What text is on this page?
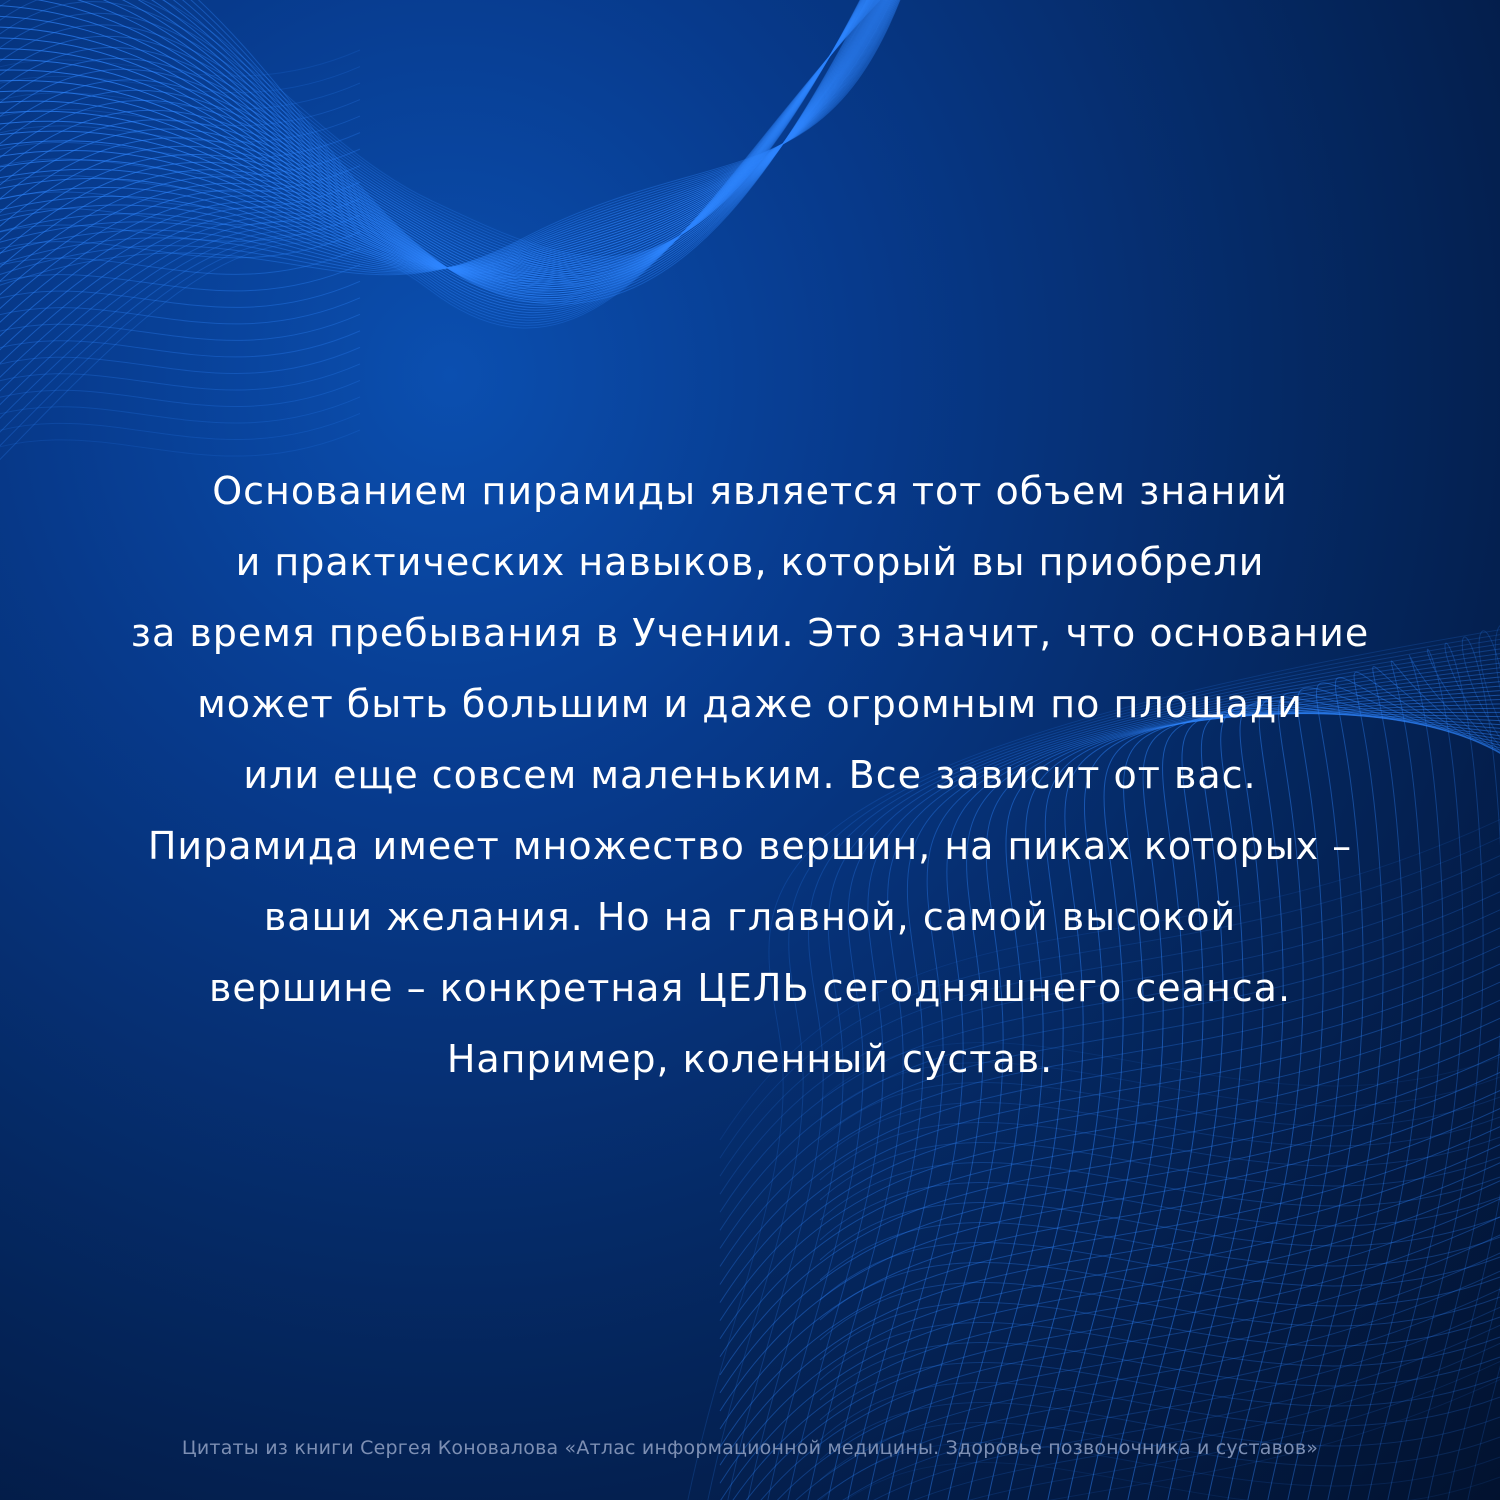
Основанием пирамиды является тот объем знаний
и практических навыков, который вы приобрели
за время пребывания в Учении. Это значит, что основание
может быть большим и даже огромным по площади
или еще совсем маленьким. Все зависит от вас.
Пирамида имеет множество вершин, на пиках которых –
ваши желания. Но на главной, самой высокой
вершине – конкретная ЦЕЛЬ сегодняшнего сеанса.
Например, коленный сустав.
Цитаты из книги Сергея Коновалова «Атлас информационной медицины. Здоровье позвоночника и суставов»
